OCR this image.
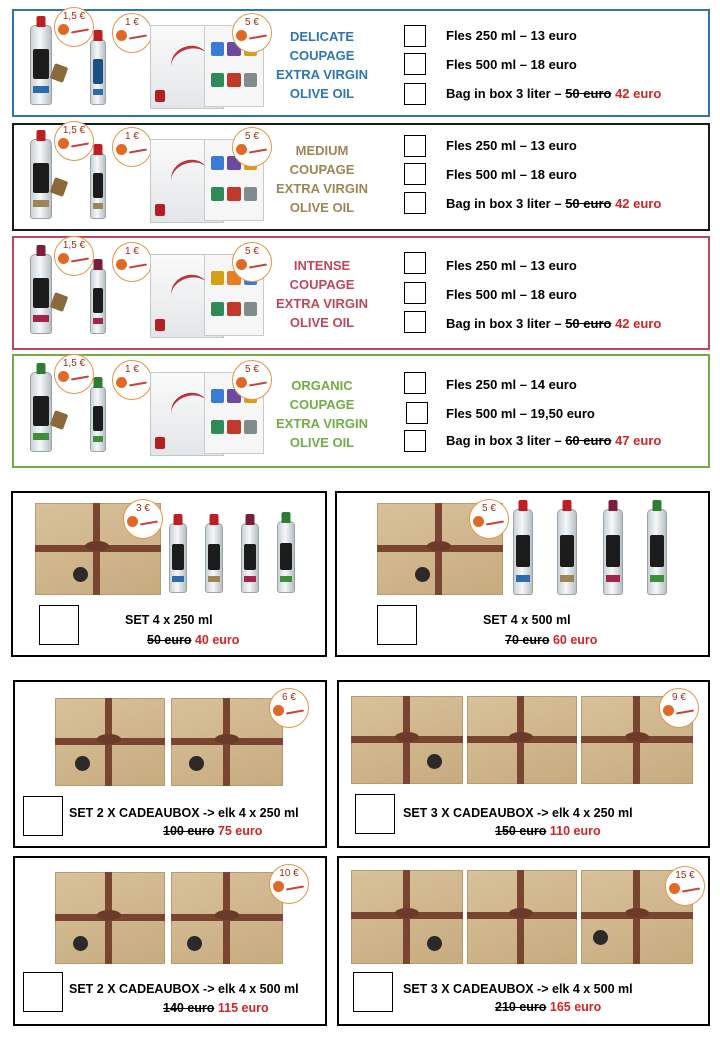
1,5 €
1 €	5 €
DELICATE
COUPAGE
EXTRA VIRGIN
OLIVE OIL
Fles 250 ml – 13 euro
Fles 500 ml – 18 euro
Bag in box 3 liter – 50 euro 42 euro
1,5 €
1 €	5 €
MEDIUM
COUPAGE
EXTRA VIRGIN
OLIVE OIL
Fles 250 ml – 13 euro
Fles 500 ml – 18 euro
Bag in box 3 liter – 50 euro 42 euro
1,5 €
1 €	5 €
INTENSE
COUPAGE
EXTRA VIRGIN
OLIVE OIL
Fles 250 ml – 13 euro
Fles 500 ml – 18 euro
Bag in box 3 liter – 50 euro 42 euro
1,5 €
1 €	5 €
ORGANIC
COUPAGE
EXTRA VIRGIN
OLIVE OIL
Fles 250 ml – 14 euro
Fles 500 ml – 19,50 euro
Bag in box 3 liter – 60 euro 47 euro
3 €
SET 4 x 250 ml
50 euro 40 euro
5 €
SET 4 x 500 ml
70 euro 60 euro
6 €
SET 2 X CADEAUBOX -> elk 4 x 250 ml
100 euro 75 euro
9 €
SET 3 X CADEAUBOX -> elk 4 x 250 ml
150 euro 110 euro
10 €
SET 2 X CADEAUBOX -> elk 4 x 500 ml
140 euro 115 euro
15 €
SET 3 X CADEAUBOX -> elk 4 x 500 ml
210 euro 165 euro
